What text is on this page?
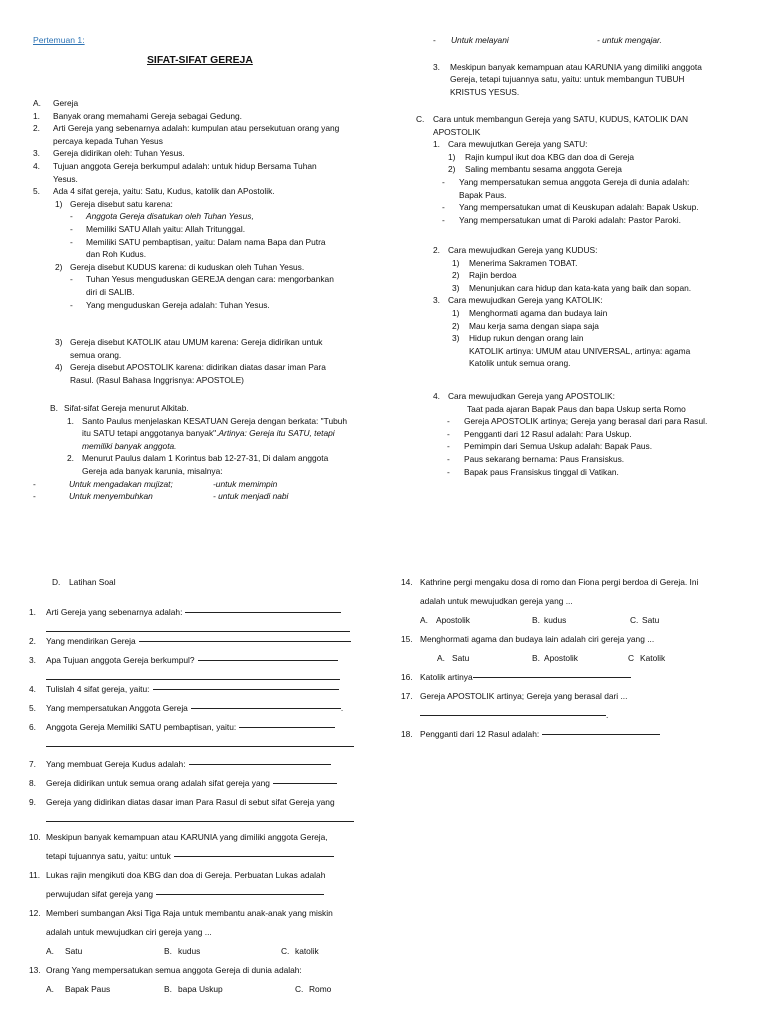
Pertemuan 1:
SIFAT-SIFAT GEREJA
A.	Gereja
1.	Banyak orang memahami Gereja sebagai Gedung.
2.	Arti Gereja yang sebenarnya adalah: kumpulan atau persekutuan orang yang
percaya kepada Tuhan Yesus
3.	Gereja didirikan oleh: Tuhan Yesus.
4.	Tujuan anggota Gereja berkumpul adalah: untuk hidup Bersama Tuhan
Yesus.
5.	Ada 4 sifat gereja, yaitu: Satu, Kudus, katolik dan APostolik.
1) Gereja disebut satu karena:
-	Anggota Gereja disatukan oleh Tuhan Yesus,
-	Memiliki SATU Allah yaitu: Allah Tritunggal.
-	Memiliki SATU pembaptisan, yaitu: Dalam nama Bapa dan Putra
dan Roh Kudus.
2) Gereja disebut KUDUS karena: di kuduskan oleh Tuhan Yesus.
-	Tuhan Yesus menguduskan GEREJA dengan cara: mengorbankan
diri di SALIB.
-	Yang menguduskan Gereja adalah: Tuhan Yesus.
3) Gereja disebut KATOLIK atau UMUM karena: Gereja didirikan untuk
semua orang.
4) Gereja disebut APOSTOLIK karena: didirikan diatas dasar iman Para
Rasul. (Rasul Bahasa Inggrisnya: APOSTOLE)
B. Sifat-sifat Gereja menurut Alkitab.
1. Santo Paulus menjelaskan KESATUAN Gereja dengan berkata: "Tubuh
itu SATU tetapi anggotanya banyak". Artinya: Gereja itu SATU, tetapi
memiliki banyak anggota.
2. Menurut Paulus dalam 1 Korintus bab 12-27-31, Di dalam anggota
Gereja ada banyak karunia, misalnya:
-	Untuk mengadakan mujizat;	-untuk memimpin
-	Untuk menyembuhkan	- untuk menjadi nabi
-	Untuk melayani	- untuk mengajar.
3.	Meskipun banyak kemampuan atau KARUNIA yang dimiliki anggota
Gereja, tetapi tujuannya satu, yaitu: untuk membangun TUBUH
KRISTUS YESUS.
C.	Cara untuk membangun Gereja yang SATU, KUDUS, KATOLIK DAN
APOSTOLIK
1. Cara mewujutkan Gereja yang SATU:
1)	Rajin kumpul ikut doa KBG dan doa di Gereja
2)	Saling membantu sesama anggota Gereja
-	Yang mempersatukan semua anggota Gereja di dunia adalah:
Bapak Paus.
-	Yang mempersatukan umat di Keuskupan adalah: Bapak Uskup.
-	Yang mempersatukan umat di Paroki adalah: Pastor Paroki.
2. Cara mewujudkan Gereja yang KUDUS:
1)	Menerima Sakramen TOBAT.
2)	Rajin berdoa
3)	Menunjukan cara hidup dan kata-kata yang baik dan sopan.
3. Cara mewujudkan Gereja yang KATOLIK:
1)	Menghormati agama dan budaya lain
2)	Mau kerja sama dengan siapa saja
3)	Hidup rukun dengan orang lain
KATOLIK artinya: UMUM atau UNIVERSAL, artinya: agama
Katolik untuk semua orang.
4. Cara mewujudkan Gereja yang APOSTOLIK:
Taat pada ajaran Bapak Paus dan bapa Uskup serta Romo
-	Gereja APOSTOLIK artinya; Gereja yang berasal dari para Rasul.
-	Pengganti dari 12 Rasul adalah: Para Uskup.
-	Pemimpin dari Semua Uskup adalah: Bapak Paus.
-	Paus sekarang bernama: Paus Fransiskus.
-	Bapak paus Fransiskus tinggal di Vatikan.
D. Latihan Soal
1.	Arti Gereja yang sebenarnya adalah:
2.	Yang mendirikan Gereja
3.	Apa Tujuan anggota Gereja berkumpul?
4.	Tulislah 4 sifat gereja, yaitu:
5.	Yang mempersatukan Anggota Gereja	.
6.	Anggota Gereja Memiliki SATU pembaptisan, yaitu:
7.	Yang membuat Gereja Kudus adalah:
8.	Gereja didirikan untuk semua orang adalah sifat gereja yang
9.	Gereja yang didirikan diatas dasar iman Para Rasul di sebut sifat Gereja yang
10. Meskipun banyak kemampuan atau KARUNIA yang dimiliki anggota Gereja,
tetapi tujuannya satu, yaitu: untuk
11. Lukas rajin mengikuti doa KBG dan doa di Gereja. Perbuatan Lukas adalah
perwujudan sifat gereja yang
12. Memberi sumbangan Aksi Tiga Raja untuk membantu anak-anak yang miskin
adalah untuk mewujudkan ciri gereja yang ...
A.	Satu	B. kudus	C. katolik
13. Orang Yang mempersatukan semua anggota Gereja di dunia adalah:
A.	Bapak Paus	B. bapa Uskup	C. Romo
14. Kathrine pergi mengaku dosa di romo dan Fiona pergi berdoa di Gereja. Ini
adalah untuk mewujudkan gereja yang ...
A. Apostolik	B. kudus	C. Satu
15. Menghormati agama dan budaya lain adalah ciri gereja yang ...
A. Satu	B. Apostolik	C Katolik
16. Katolik artinya
17. Gereja APOSTOLIK artinya; Gereja yang berasal dari ...
.
18. Pengganti dari 12 Rasul adalah:
